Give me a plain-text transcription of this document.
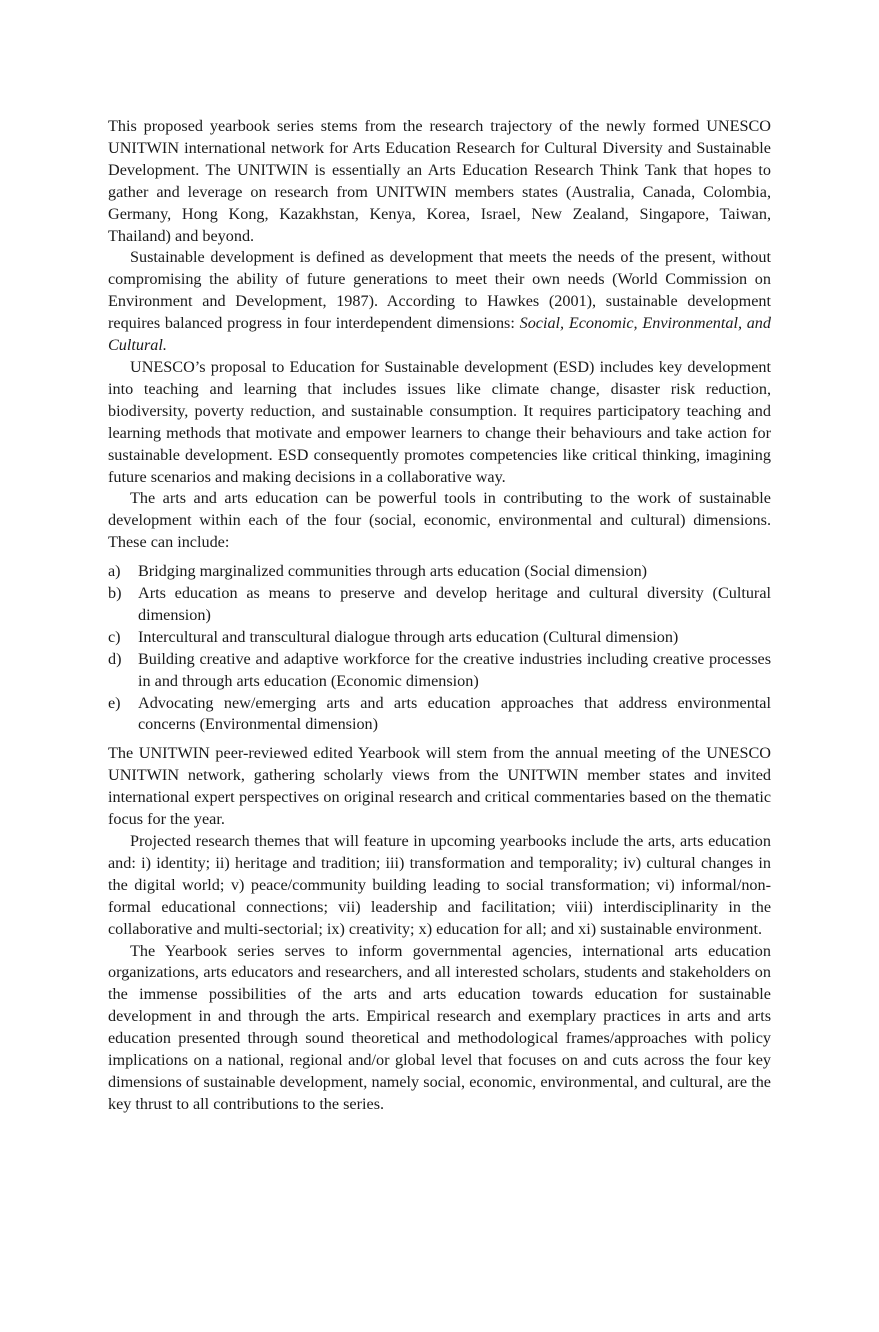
This proposed yearbook series stems from the research trajectory of the newly formed UNESCO UNITWIN international network for Arts Education Research for Cultural Diversity and Sustainable Development. The UNITWIN is essentially an Arts Education Research Think Tank that hopes to gather and leverage on research from UNITWIN members states (Australia, Canada, Colombia, Germany, Hong Kong, Kazakhstan, Kenya, Korea, Israel, New Zealand, Singapore, Taiwan, Thailand) and beyond.

Sustainable development is defined as development that meets the needs of the present, without compromising the ability of future generations to meet their own needs (World Commission on Environment and Development, 1987). According to Hawkes (2001), sustainable development requires balanced progress in four interdependent dimensions: Social, Economic, Environmental, and Cultural.

UNESCO’s proposal to Education for Sustainable development (ESD) includes key development into teaching and learning that includes issues like climate change, disaster risk reduction, biodiversity, poverty reduction, and sustainable consumption. It requires participatory teaching and learning methods that motivate and empower learners to change their behaviours and take action for sustainable development. ESD consequently promotes competencies like critical thinking, imagining future scenarios and making decisions in a collaborative way.

The arts and arts education can be powerful tools in contributing to the work of sustainable development within each of the four (social, economic, environmental and cultural) dimensions. These can include:

a) Bridging marginalized communities through arts education (Social dimension)
b) Arts education as means to preserve and develop heritage and cultural diversity (Cultural dimension)
c) Intercultural and transcultural dialogue through arts education (Cultural dimension)
d) Building creative and adaptive workforce for the creative industries including creative processes in and through arts education (Economic dimension)
e) Advocating new/emerging arts and arts education approaches that address environmental concerns (Environmental dimension)

The UNITWIN peer-reviewed edited Yearbook will stem from the annual meeting of the UNESCO UNITWIN network, gathering scholarly views from the UNITWIN member states and invited international expert perspectives on original research and critical commentaries based on the thematic focus for the year.

Projected research themes that will feature in upcoming yearbooks include the arts, arts education and: i) identity; ii) heritage and tradition; iii) transformation and temporality; iv) cultural changes in the digital world; v) peace/community building leading to social transformation; vi) informal/non-formal educational connections; vii) leadership and facilitation; viii) interdisciplinarity in the collaborative and multi-sectorial; ix) creativity; x) education for all; and xi) sustainable environment.

The Yearbook series serves to inform governmental agencies, international arts education organizations, arts educators and researchers, and all interested scholars, students and stakeholders on the immense possibilities of the arts and arts education towards education for sustainable development in and through the arts. Empirical research and exemplary practices in arts and arts education presented through sound theoretical and methodological frames/approaches with policy implications on a national, regional and/or global level that focuses on and cuts across the four key dimensions of sustainable development, namely social, economic, environmental, and cultural, are the key thrust to all contributions to the series.
